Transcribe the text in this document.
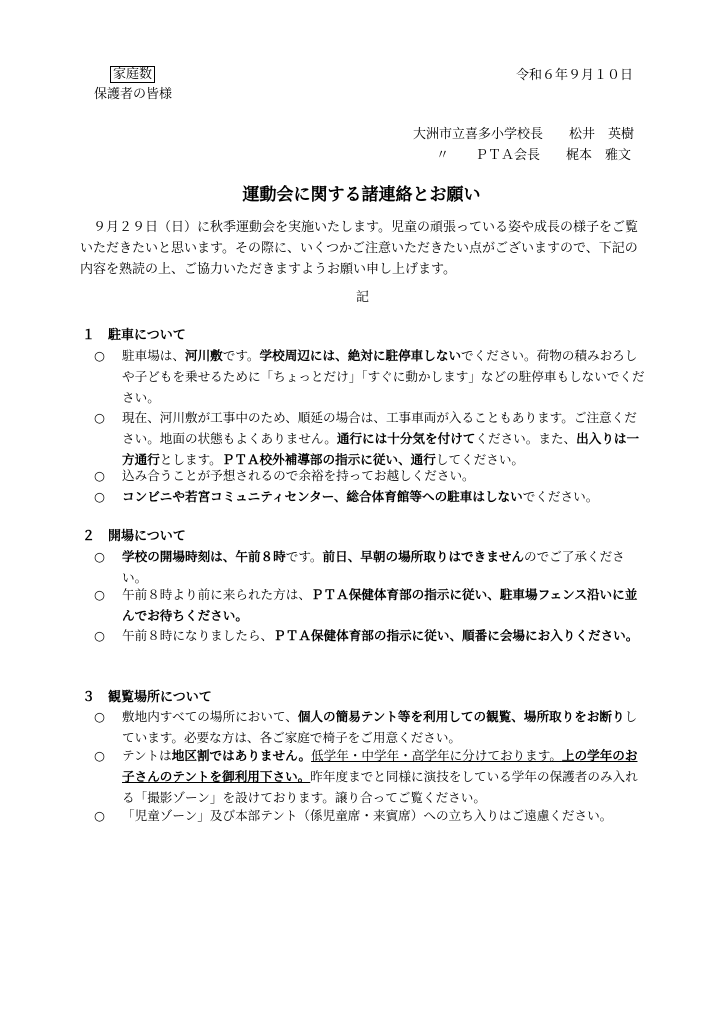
家庭数
保護者の皆様
令和６年９月１０日
大洲市立喜多小学校長　　松井　英樹
〃　　ＰＴＡ会長　　梶本　雅文
運動会に関する諸連絡とお願い
９月２９日（日）に秋季運動会を実施いたします。児童の頑張っている姿や成長の様子をご覧いただきたいと思います。その際に、いくつかご注意いただきたい点がございますので、下記の内容を熟読の上、ご協力いただきますようお願い申し上げます。
記
１　駐車について
○ 駐車場は、河川敷です。学校周辺には、絶対に駐停車しないでください。荷物の積みおろしや子どもを乗せるために「ちょっとだけ」「すぐに動かします」などの駐停車もしないでください。
○ 現在、河川敷が工事中のため、順延の場合は、工事車両が入ることもあります。ご注意ください。地面の状態もよくありません。通行には十分気を付けてください。また、出入りは一方通行とします。ＰＴＡ校外補導部の指示に従い、通行してください。
○ 込み合うことが予想されるので余裕を持ってお越しください。
○ コンビニや若宮コミュニティセンター、総合体育館等への駐車はしないでください。
２　開場について
○ 学校の開場時刻は、午前８時です。前日、早朝の場所取りはできませんのでご了承ください。
○ 午前８時より前に来られた方は、ＰＴＡ保健体育部の指示に従い、駐車場フェンス沿いに並んでお待ちください。
○ 午前８時になりましたら、ＰＴＡ保健体育部の指示に従い、順番に会場にお入りください。
３　観覧場所について
○ 敷地内すべての場所において、個人の簡易テント等を利用しての観覧、場所取りをお断りしています。必要な方は、各ご家庭で椅子をご用意ください。
○ テントは地区割ではありません。低学年・中学年・高学年に分けております。上の学年のお子さんのテントを御利用下さい。昨年度までと同様に演技をしている学年の保護者のみ入れる「撮影ゾーン」を設けております。譲り合ってご覧ください。
○ 「児童ゾーン」及び本部テント（係児童席・来賓席）への立ち入りはご遠慮ください。
